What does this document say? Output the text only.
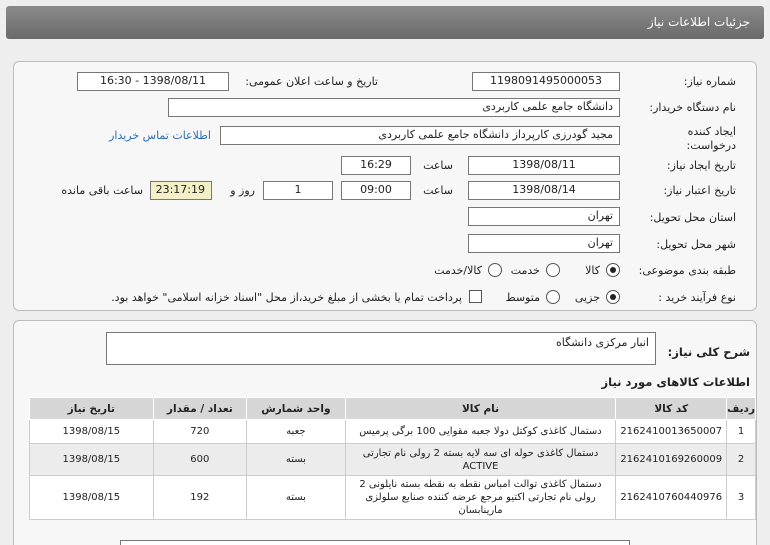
جزئیات اطلاعات نیاز
شماره نیاز:
1198091495000053
تاریخ و ساعت اعلان عمومی:
1398/08/11 - 16:30
نام دستگاه خریدار:
دانشگاه جامع علمی کاربردی
ایجاد کننده درخواست:
مجید گودرزی کارپرداز دانشگاه جامع علمی کاربردی
اطلاعات تماس خریدار
تاریخ ایجاد نیاز:
1398/08/11
ساعت
16:29
تاریخ اعتبار نیاز:
1398/08/14
ساعت
09:00
1
روز و
23:17:19
ساعت باقی مانده
استان محل تحویل:
تهران
شهر محل تحویل:
تهران
طبقه بندی موضوعی:
کالا
خدمت
کالا/خدمت
نوع فرآیند خرید :
جزیی
متوسط
پرداخت تمام یا بخشی از مبلغ خرید،از محل "اسناد خزانه اسلامی" خواهد بود.
شرح کلی نیاز:
انبار مرکزی دانشگاه
اطلاعات کالاهای مورد نیاز
ردیف	کد کالا	نام کالا	واحد شمارش	تعداد / مقدار	تاریخ نیاز
1	2162410013650007	دستمال کاغذی کوکتل دولا جعبه مقوایی 100 برگی پرمیس	جعبه	720	1398/08/15
2	2162410169260009	دستمال کاغذی حوله ای سه لایه بسته 2 رولی نام تجارتی ACTIVE	بسته	600	1398/08/15
3	2162410760440976	دستمال کاغذی توالت امباس نقطه به نقطه بسته نایلونی 2 رولی نام تجارتی اکتیو مرجع عرضه کننده صنایع سلولزی مارینابسان	بسته	192	1398/08/15
